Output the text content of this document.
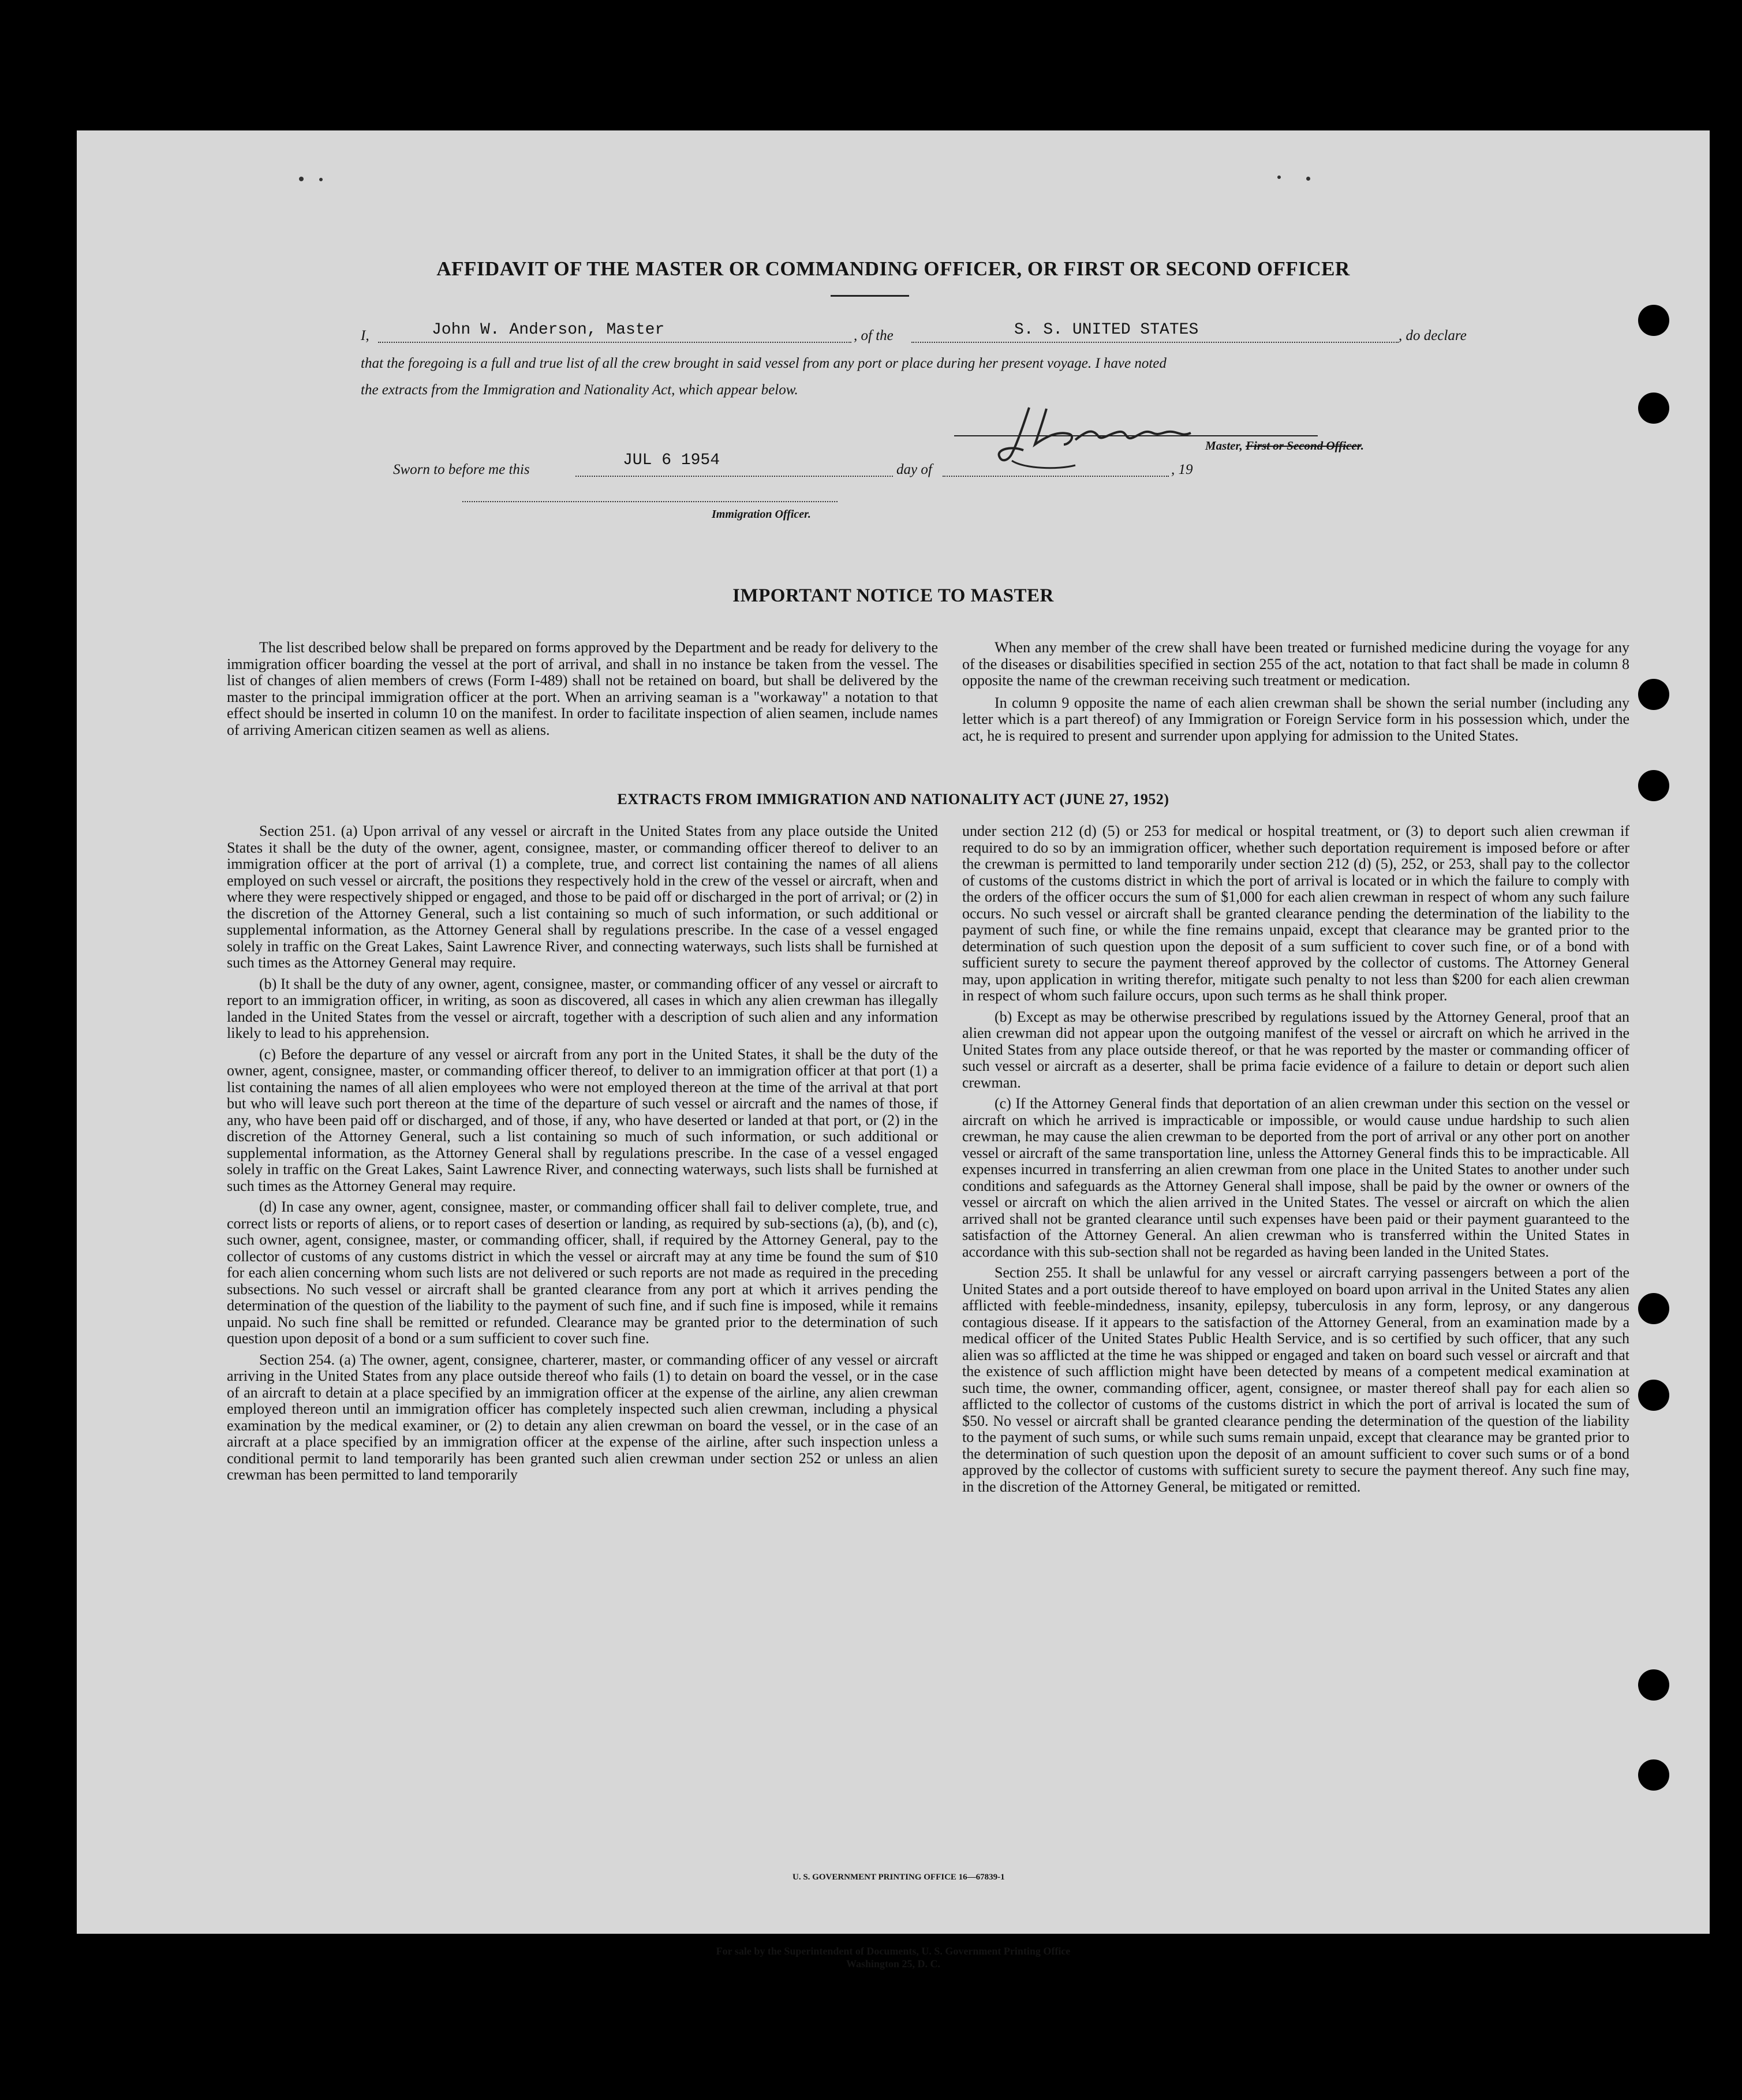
AFFIDAVIT OF THE MASTER OR COMMANDING OFFICER, OR FIRST OR SECOND OFFICER
I,	John W. Anderson, Master	, of the	S. S. UNITED STATES	, do declare
that the foregoing is a full and true list of all the crew brought in said vessel from any port or place during her present voyage. I have noted
the extracts from the Immigration and Nationality Act, which appear below.
Master, First or Second Officer.
Sworn to before me this
JUL 6 1954
day of	, 19
Immigration Officer.
IMPORTANT NOTICE TO MASTER

The list described below shall be prepared on forms approved by the Department and be ready for delivery to the immigration officer boarding the vessel at the port of arrival, and shall in no instance be taken from the vessel. The list of changes of alien members of crews (Form I-489) shall not be retained on board, but shall be delivered by the master to the principal immigration officer at the port. When an arriving seaman is a "workaway" a notation to that effect should be inserted in column 10 on the manifest. In order to facilitate inspection of alien seamen, include names of arriving American citizen seamen as well as aliens.

When any member of the crew shall have been treated or furnished medicine during the voyage for any of the diseases or disabilities specified in section 255 of the act, notation to that fact shall be made in column 8 opposite the name of the crewman receiving such treatment or medication.

In column 9 opposite the name of each alien crewman shall be shown the serial number (including any letter which is a part thereof) of any Immigration or Foreign Service form in his possession which, under the act, he is required to present and surrender upon applying for admission to the United States.

EXTRACTS FROM IMMIGRATION AND NATIONALITY ACT (JUNE 27, 1952)

Section 251. (a) Upon arrival of any vessel or aircraft in the United States from any place outside the United States it shall be the duty of the owner, agent, consignee, master, or commanding officer thereof to deliver to an immigration officer at the port of arrival (1) a complete, true, and correct list containing the names of all aliens employed on such vessel or aircraft, the positions they respectively hold in the crew of the vessel or aircraft, when and where they were respectively shipped or engaged, and those to be paid off or discharged in the port of arrival; or (2) in the discretion of the Attorney General, such a list containing so much of such information, or such additional or supplemental information, as the Attorney General shall by regulations prescribe. In the case of a vessel engaged solely in traffic on the Great Lakes, Saint Lawrence River, and connecting waterways, such lists shall be furnished at such times as the Attorney General may require.

(b) It shall be the duty of any owner, agent, consignee, master, or commanding officer of any vessel or aircraft to report to an immigration officer, in writing, as soon as discovered, all cases in which any alien crewman has illegally landed in the United States from the vessel or aircraft, together with a description of such alien and any information likely to lead to his apprehension.

(c) Before the departure of any vessel or aircraft from any port in the United States, it shall be the duty of the owner, agent, consignee, master, or commanding officer thereof, to deliver to an immigration officer at that port (1) a list containing the names of all alien employees who were not employed thereon at the time of the arrival at that port but who will leave such port thereon at the time of the departure of such vessel or aircraft and the names of those, if any, who have been paid off or discharged, and of those, if any, who have deserted or landed at that port, or (2) in the discretion of the Attorney General, such a list containing so much of such information, or such additional or supplemental information, as the Attorney General shall by regulations prescribe. In the case of a vessel engaged solely in traffic on the Great Lakes, Saint Lawrence River, and connecting waterways, such lists shall be furnished at such times as the Attorney General may require.

(d) In case any owner, agent, consignee, master, or commanding officer shall fail to deliver complete, true, and correct lists or reports of aliens, or to report cases of desertion or landing, as required by sub-sections (a), (b), and (c), such owner, agent, consignee, master, or commanding officer, shall, if required by the Attorney General, pay to the collector of customs of any customs district in which the vessel or aircraft may at any time be found the sum of $10 for each alien concerning whom such lists are not delivered or such reports are not made as required in the preceding subsections. No such vessel or aircraft shall be granted clearance from any port at which it arrives pending the determination of the question of the liability to the payment of such fine, and if such fine is imposed, while it remains unpaid. No such fine shall be remitted or refunded. Clearance may be granted prior to the determination of such question upon deposit of a bond or a sum sufficient to cover such fine.

Section 254. (a) The owner, agent, consignee, charterer, master, or commanding officer of any vessel or aircraft arriving in the United States from any place outside thereof who fails (1) to detain on board the vessel, or in the case of an aircraft to detain at a place specified by an immigration officer at the expense of the airline, any alien crewman employed thereon until an immigration officer has completely inspected such alien crewman, including a physical examination by the medical examiner, or (2) to detain any alien crewman on board the vessel, or in the case of an aircraft at a place specified by an immigration officer at the expense of the airline, after such inspection unless a conditional permit to land temporarily has been granted such alien crewman under section 252 or unless an alien crewman has been permitted to land temporarily

under section 212 (d) (5) or 253 for medical or hospital treatment, or (3) to deport such alien crewman if required to do so by an immigration officer, whether such deportation requirement is imposed before or after the crewman is permitted to land temporarily under section 212 (d) (5), 252, or 253, shall pay to the collector of customs of the customs district in which the port of arrival is located or in which the failure to comply with the orders of the officer occurs the sum of $1,000 for each alien crewman in respect of whom any such failure occurs. No such vessel or aircraft shall be granted clearance pending the determination of the liability to the payment of such fine, or while the fine remains unpaid, except that clearance may be granted prior to the determination of such question upon the deposit of a sum sufficient to cover such fine, or of a bond with sufficient surety to secure the payment thereof approved by the collector of customs. The Attorney General may, upon application in writing therefor, mitigate such penalty to not less than $200 for each alien crewman in respect of whom such failure occurs, upon such terms as he shall think proper.

(b) Except as may be otherwise prescribed by regulations issued by the Attorney General, proof that an alien crewman did not appear upon the outgoing manifest of the vessel or aircraft on which he arrived in the United States from any place outside thereof, or that he was reported by the master or commanding officer of such vessel or aircraft as a deserter, shall be prima facie evidence of a failure to detain or deport such alien crewman.

(c) If the Attorney General finds that deportation of an alien crewman under this section on the vessel or aircraft on which he arrived is impracticable or impossible, or would cause undue hardship to such alien crewman, he may cause the alien crewman to be deported from the port of arrival or any other port on another vessel or aircraft of the same transportation line, unless the Attorney General finds this to be impracticable. All expenses incurred in transferring an alien crewman from one place in the United States to another under such conditions and safeguards as the Attorney General shall impose, shall be paid by the owner or owners of the vessel or aircraft on which the alien arrived in the United States. The vessel or aircraft on which the alien arrived shall not be granted clearance until such expenses have been paid or their payment guaranteed to the satisfaction of the Attorney General. An alien crewman who is transferred within the United States in accordance with this sub-section shall not be regarded as having been landed in the United States.

Section 255. It shall be unlawful for any vessel or aircraft carrying passengers between a port of the United States and a port outside thereof to have employed on board upon arrival in the United States any alien afflicted with feeble-mindedness, insanity, epilepsy, tuberculosis in any form, leprosy, or any dangerous contagious disease. If it appears to the satisfaction of the Attorney General, from an examination made by a medical officer of the United States Public Health Service, and is so certified by such officer, that any such alien was so afflicted at the time he was shipped or engaged and taken on board such vessel or aircraft and that the existence of such affliction might have been detected by means of a competent medical examination at such time, the owner, commanding officer, agent, consignee, or master thereof shall pay for each alien so afflicted to the collector of customs of the customs district in which the port of arrival is located the sum of $50. No vessel or aircraft shall be granted clearance pending the determination of the question of the liability to the payment of such sums, or while such sums remain unpaid, except that clearance may be granted prior to the determination of such question upon the deposit of an amount sufficient to cover such sums or of a bond approved by the collector of customs with sufficient surety to secure the payment thereof. Any such fine may, in the discretion of the Attorney General, be mitigated or remitted.

U. S. GOVERNMENT PRINTING OFFICE 16—67839-1
For sale by the Superintendent of Documents, U. S. Government Printing Office
Washington 25, D. C.
